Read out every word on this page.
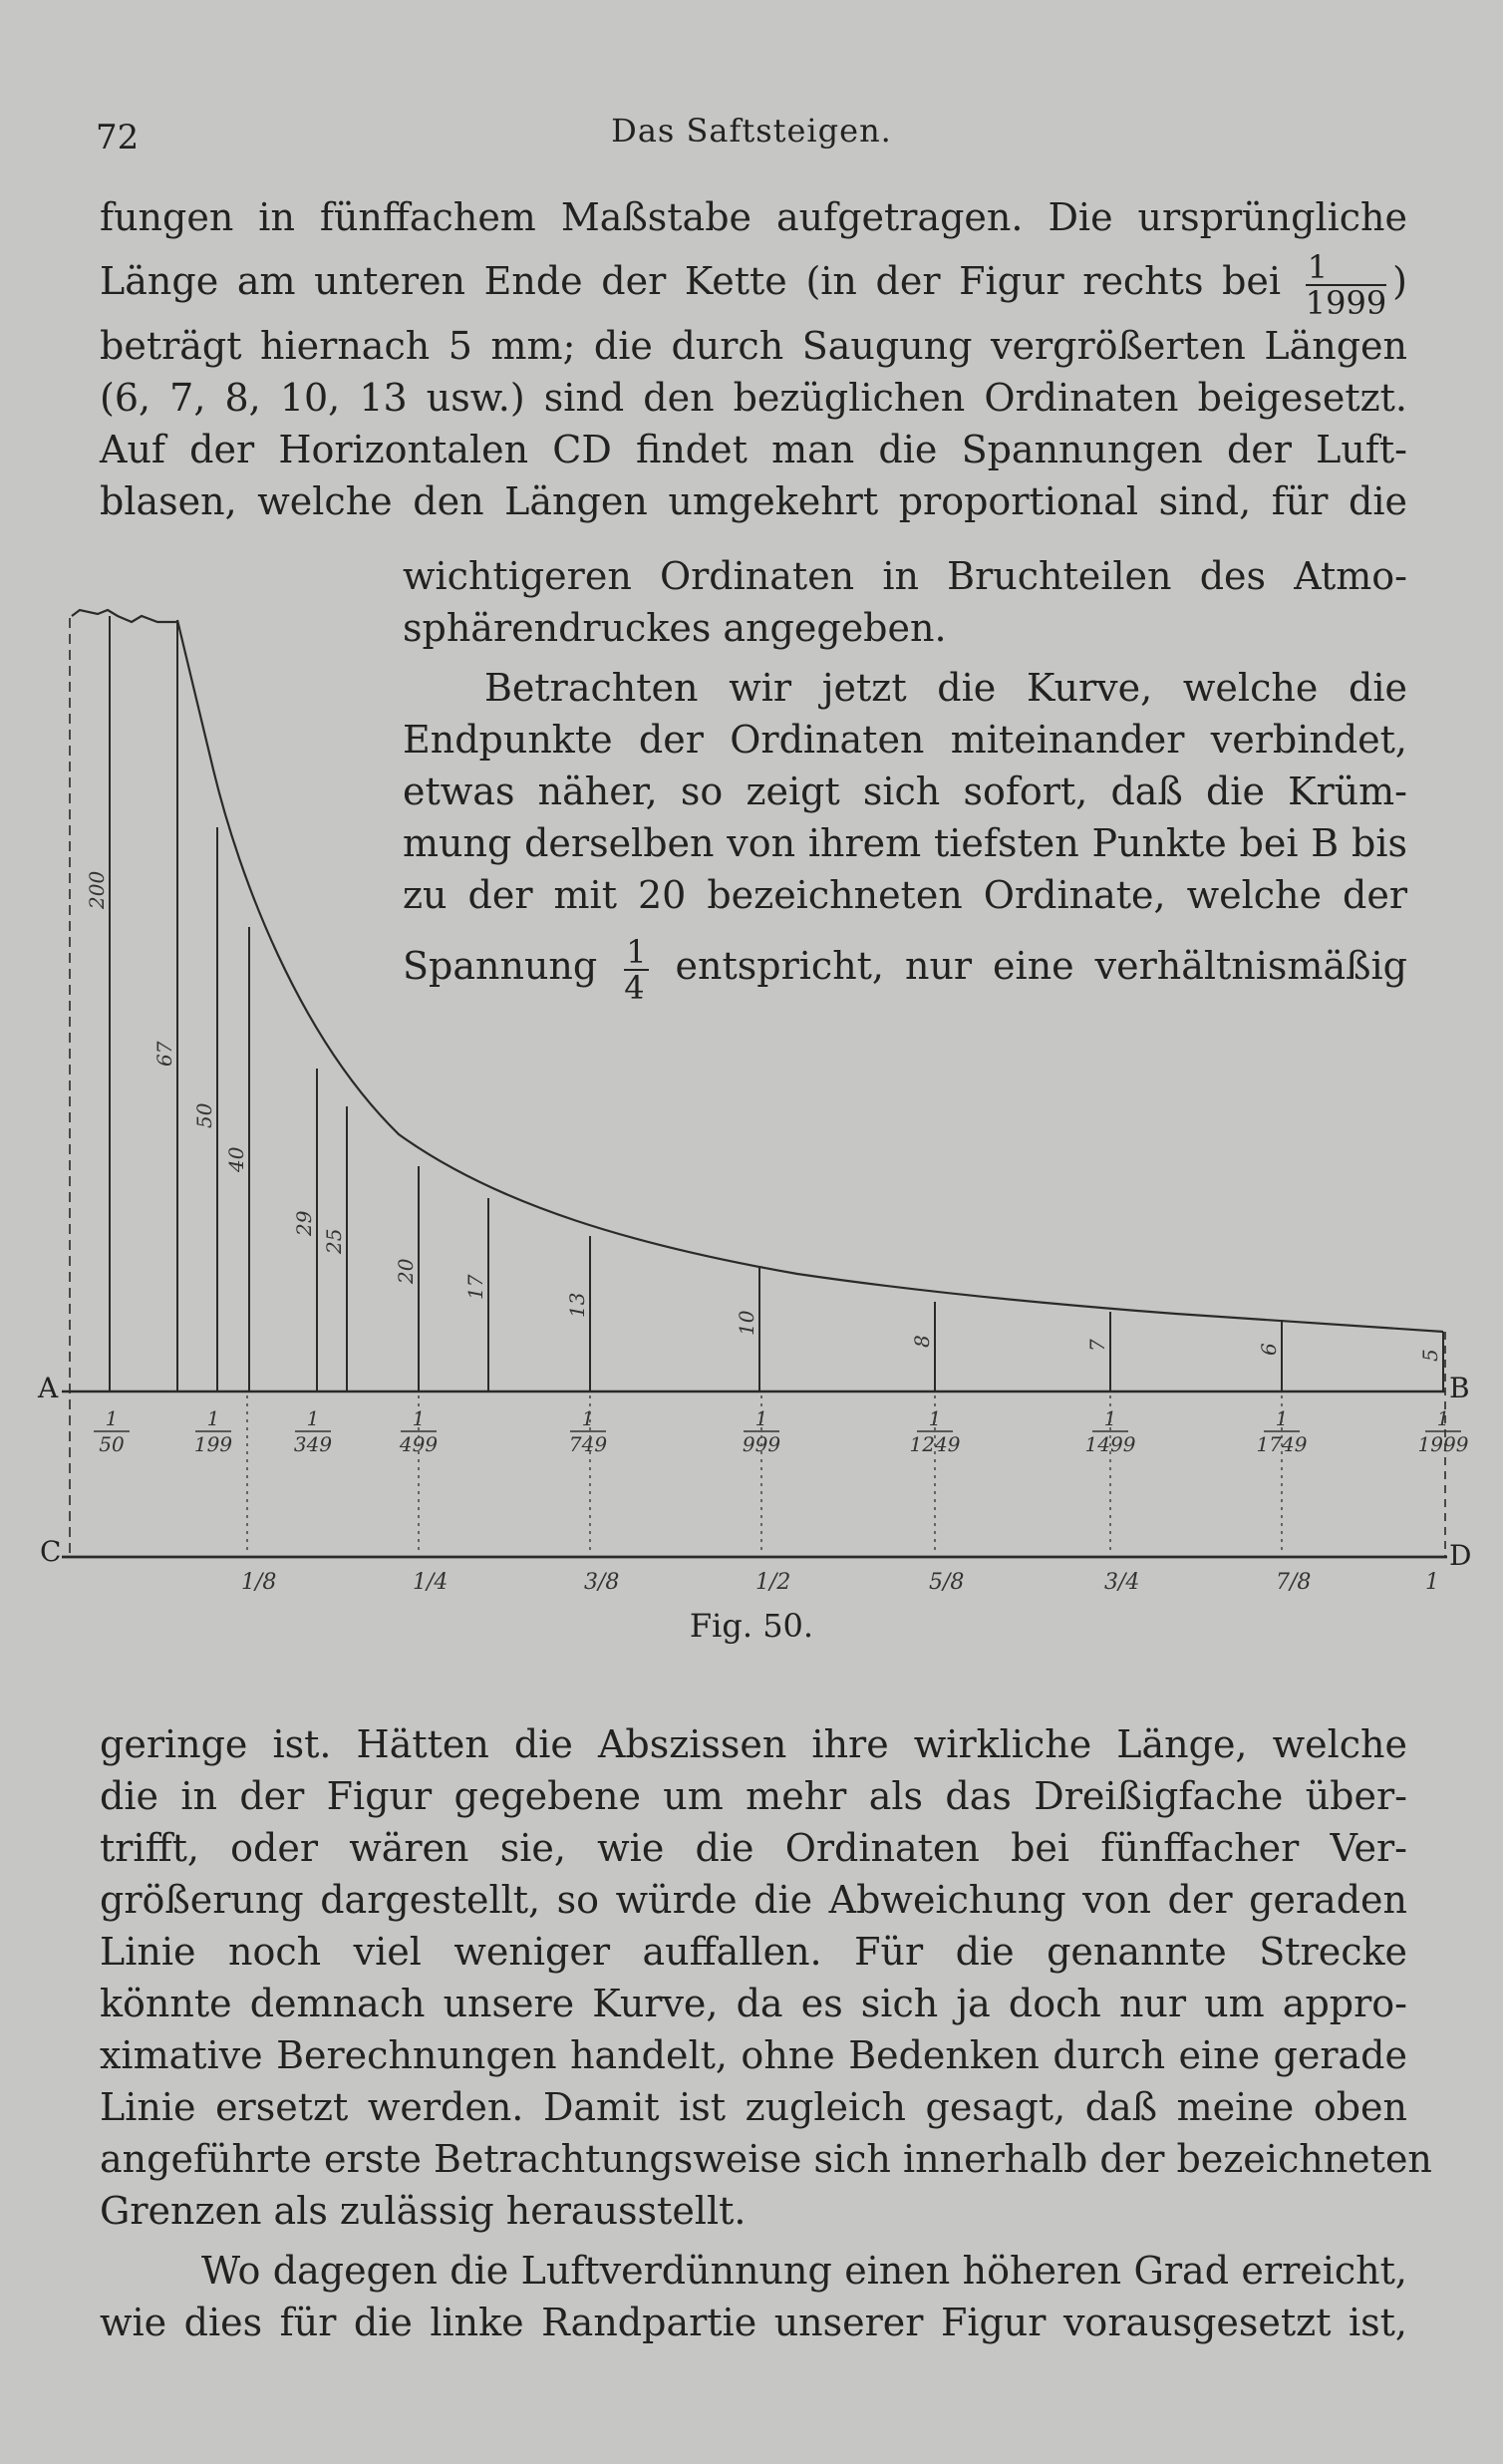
72	Das Saftsteigen.
fungen in fünffachem Maßstabe aufgetragen. Die ursprüngliche
Länge am unteren Ende der Kette (in der Figur rechts bei $\frac{1}{1999}$ )
beträgt hiernach 5 mm; die durch Saugung vergrößerten Längen
(6, 7, 8, 10, 13 usw.) sind den bezüglichen Ordinaten beigesetzt.
Auf der Horizontalen CD findet man die Spannungen der Luft-
blasen, welche den Längen umgekehrt proportional sind, für die
wichtigeren Ordinaten in Bruchteilen des Atmo-
sphärendruckes angegeben.
Betrachten wir jetzt die Kurve, welche die
Endpunkte der Ordinaten miteinander verbindet,
etwas näher, so zeigt sich sofort, daß die Krüm-
mung derselben von ihrem tiefsten Punkte bei B bis
zu der mit 20 bezeichneten Ordinate, welche der
Spannung $\frac{1}{4}$ entspricht, nur eine verhältnismäßig
200
67
50
40
29
25
20
17
13
10
8	7	6	5
1
50
1
199
1
349
1
499
1
749
1
999
1
1249
1
1499
1
1749
1
1999
1/8	1/4	3/8	1/2	5/8	3/4	7/8	1
A	B
C	D
Fig. 50.
geringe ist. Hätten die Abszissen ihre wirkliche Länge, welche
die in der Figur gegebene um mehr als das Dreißigfache über-
trifft, oder wären sie, wie die Ordinaten bei fünffacher Ver-
größerung dargestellt, so würde die Abweichung von der geraden
Linie noch viel weniger auffallen. Für die genannte Strecke
könnte demnach unsere Kurve, da es sich ja doch nur um appro-
ximative Berechnungen handelt, ohne Bedenken durch eine gerade
Linie ersetzt werden. Damit ist zugleich gesagt, daß meine oben
angeführte erste Betrachtungsweise sich innerhalb der bezeichneten
Grenzen als zulässig herausstellt.
Wo dagegen die Luftverdünnung einen höheren Grad erreicht,
wie dies für die linke Randpartie unserer Figur vorausgesetzt ist,
